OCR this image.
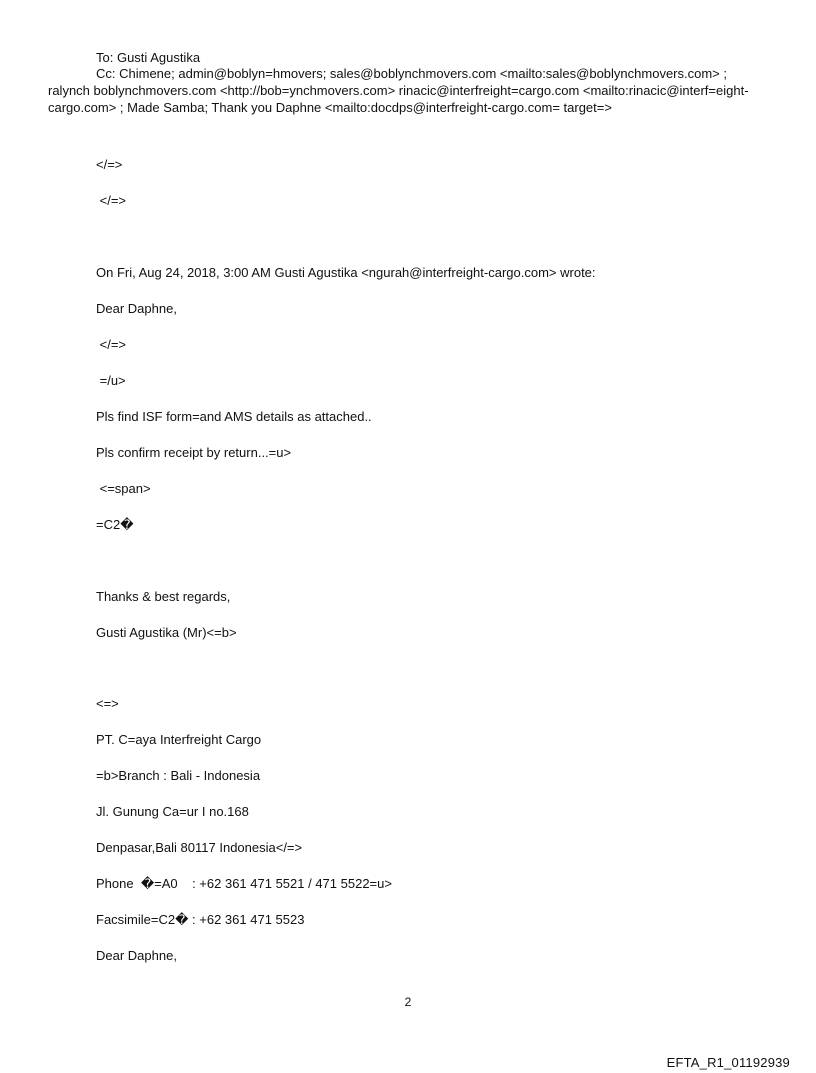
To: Gusti Agustika
Cc: Chimene; admin@boblyn=hmovers; sales@boblynchmovers.com <mailto:sales@boblynchmovers.com> ; ralynch boblynchmovers.com <http://bob=ynchmovers.com> rinacic@interfreight=cargo.com <mailto:rinacic@interf=eight-cargo.com> ; Made Samba; Thank you Daphne <mailto:docdps@interfreight-cargo.com= target=>
</=>
</=>
On Fri, Aug 24, 2018, 3:00 AM Gusti Agustika <ngurah@interfreight-cargo.com> wrote:
Dear Daphne,
</=>
=/u>
Pls find ISF form=and AMS details as attached..
Pls confirm receipt by return...=u>
<=span>
=C2�
Thanks & best regards,
Gusti Agustika (Mr)<=b>
<=>
PT. C=aya Interfreight Cargo
=b>Branch : Bali - Indonesia
Jl. Gunung Ca=ur I no.168
Denpasar,Bali 80117 Indonesia</=>
Phone  �=A0    : +62 361 471 5521 / 471 5522=u>
Facsimile=C2� : +62 361 471 5523
Dear Daphne,
2
EFTA_R1_01192939
